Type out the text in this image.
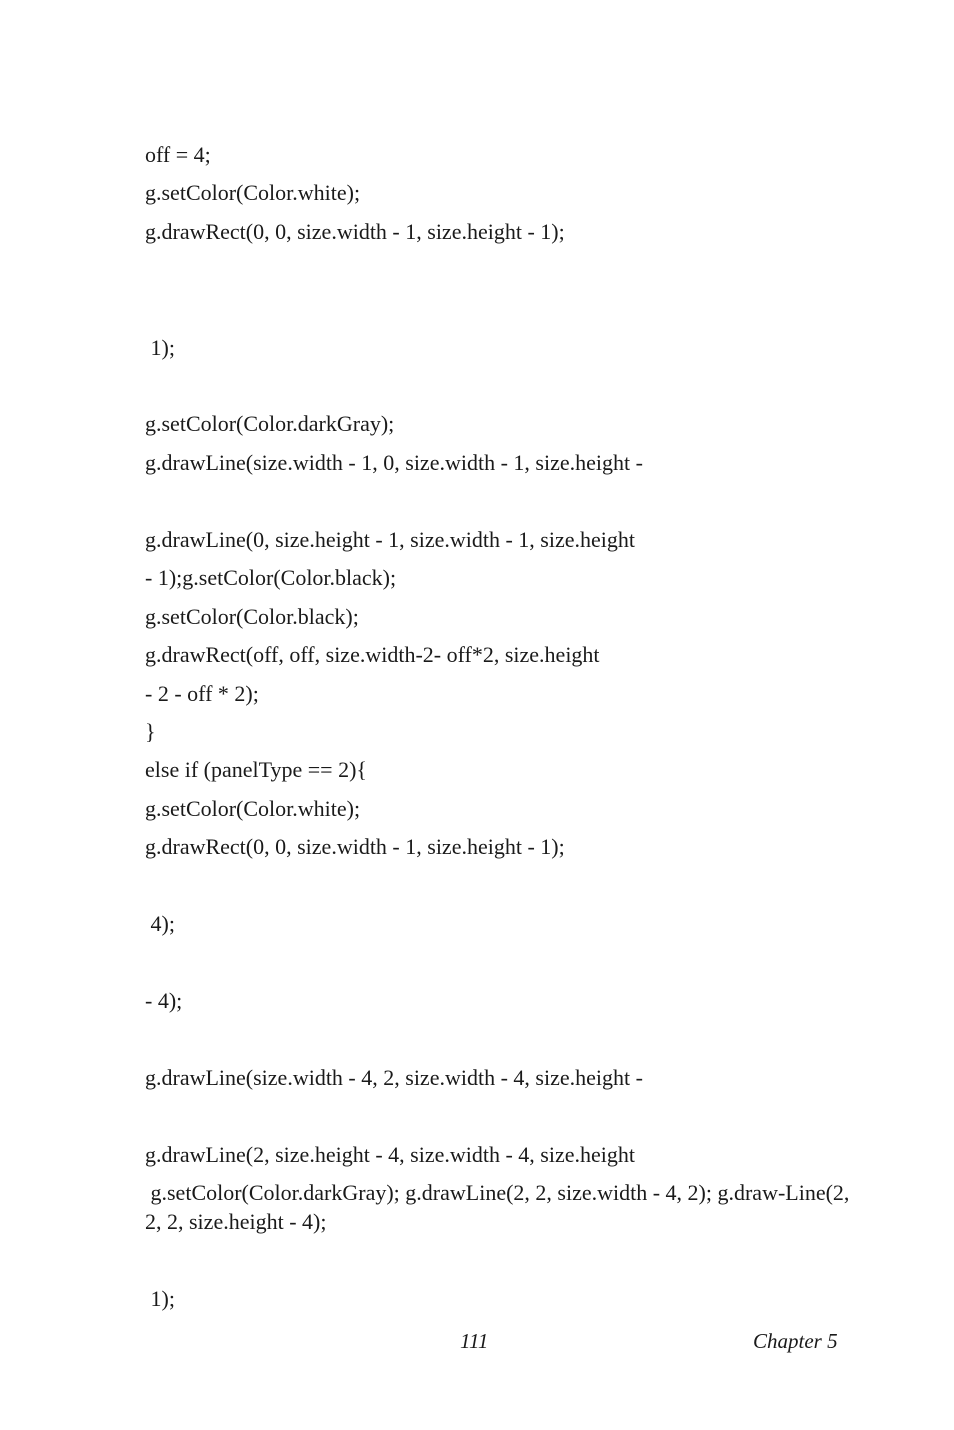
off = 4;
g.setColor(Color.white);
g.drawRect(0, 0, size.width - 1, size.height - 1);
1);
g.setColor(Color.darkGray);
g.drawLine(size.width - 1, 0, size.width - 1, size.height -
g.drawLine(0, size.height - 1, size.width - 1, size.height
- 1);g.setColor(Color.black);
g.setColor(Color.black);
g.drawRect(off, off, size.width-2- off*2, size.height
- 2 - off * 2);
}
else if (panelType == 2){
g.setColor(Color.white);
g.drawRect(0, 0, size.width - 1, size.height - 1);
4);
- 4);
g.drawLine(size.width - 4, 2, size.width - 4, size.height -
g.drawLine(2, size.height - 4, size.width - 4, size.height
g.setColor(Color.darkGray); g.drawLine(2, 2, size.width - 4, 2); g.draw-Line(2, 2, 2, size.height - 4);
1);
111	Chapter 5
